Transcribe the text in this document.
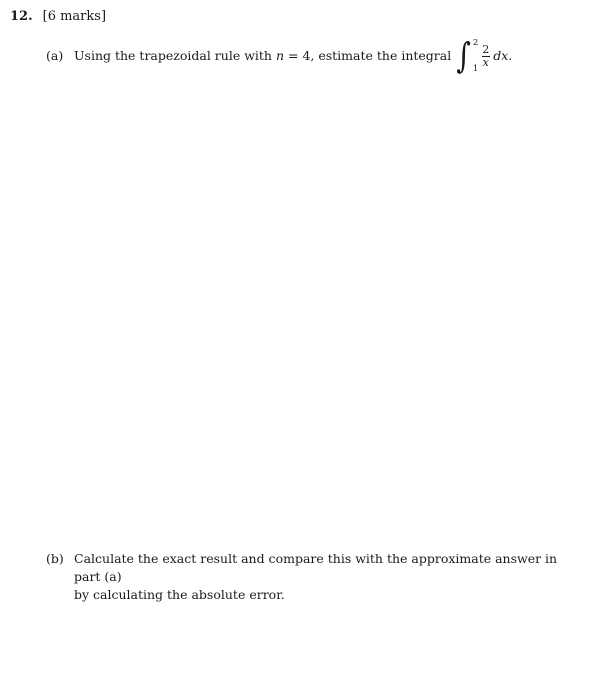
12. [6 marks]
(a) Using the trapezoidal rule with
n
= 4, estimate the integral ∫ 2
$1 \frac{2}{x}$ dx.
(b) Calculate the exact result and compare this with the approximate answer in part (a)
by calculating the absolute error.
